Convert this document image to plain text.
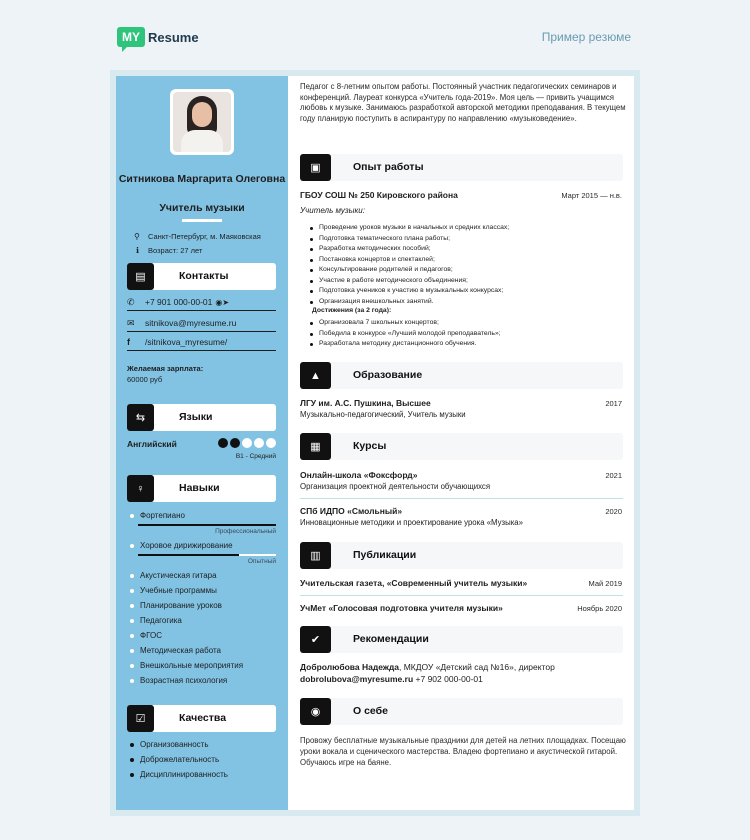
MY Resume	Пример резюме
Ситникова Маргарита Олеговна
Учитель музыки
⚲	Санкт-Петербург, м. Маяковская
ℹ	Возраст: 27 лет
▤	Контакты
✆	+7 901 000-00-01 ◉➤
✉	sitnikova@myresume.ru
f	/sitnikova_myresume/
Желаемая зарплата:
60000 руб
⇆	Языки
Английский
B1 - Средний
♀	Навыки
Фортепиано
Профессиональный
Хоровое дирижирование
Опытный
Акустическая гитара
Учебные программы
Планирование уроков
Педагогика
ФГОС
Методическая работа
Внешкольные мероприятия
Возрастная психология
☑	Качества
Организованность
Доброжелательность
Дисциплинированность
Педагог с 8-летним опытом работы. Постоянный участник педагогических семинаров и конференций. Лауреат конкурса «Учитель года-2019». Моя цель — привить учащимся любовь к музыке. Занимаюсь разработкой авторской методики преподавания. В текущем году планирую поступить в аспирантуру по направлению «музыковедение».
▣	Опыт работы
ГБОУ СОШ № 250 Кировского района	Март 2015 — н.в.
Учитель музыки:
Проведение уроков музыки в начальных и средних классах;
Подготовка тематического плана работы;
Разработка методических пособий;
Постановка концертов и спектаклей;
Консультирование родителей и педагогов;
Участие в работе методического объединения;
Подготовка учеников к участию в музыкальных конкурсах;
Организация внешкольных занятий.
Достижения (за 2 года):
Организовала 7 школьных концертов;
Победила в конкурсе «Лучший молодой преподаватель»;
Разработала методику дистанционного обучения.
▲	Образование
ЛГУ им. А.С. Пушкина, Высшее	2017
Музыкально-педагогический, Учитель музыки
▦	Курсы
Онлайн-школа «Фоксфорд»	2021
Организация проектной деятельности обучающихся
СПб ИДПО «Смольный»	2020
Инновационные методики и проектирование урока «Музыка»
▥	Публикации
Учительская газета, «Современный учитель музыки»	Май 2019
УчМет «Голосовая подготовка учителя музыки»	Ноябрь 2020
✔	Рекомендации
Добролюбова Надежда, МКДОУ «Детский сад №16», директор
dobrolubova@myresume.ru +7 902 000-00-01
◉	О себе
Провожу бесплатные музыкальные праздники для детей на летних площадках. Посещаю уроки вокала и сценического мастерства. Владею фортепиано и акустической гитарой. Обучаюсь игре на баяне.
